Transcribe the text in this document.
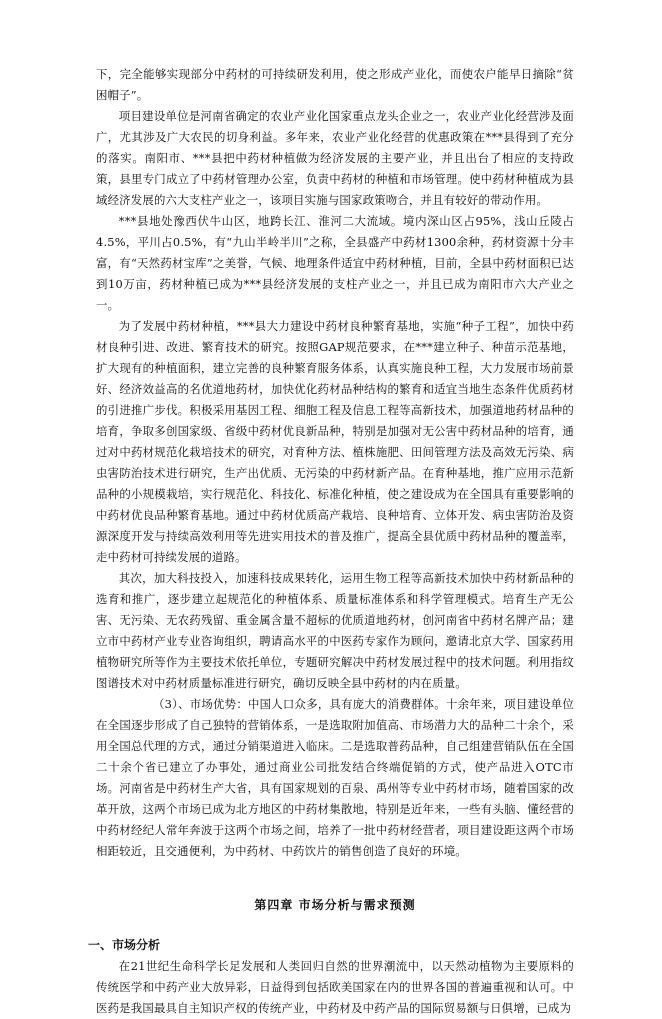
下，完全能够实现部分中药材的可持续研发利用，使之形成产业化，而使农户能早日摘除“贫困帽子”。

项目建设单位是河南省确定的农业产业化国家重点龙头企业之一，农业产业化经营涉及面广，尤其涉及广大农民的切身利益。多年来，农业产业化经营的优惠政策在***县得到了充分的落实。南阳市、***县把中药材种植做为经济发展的主要产业，并且出台了相应的支持政策，县里专门成立了中药材管理办公室，负责中药材的种植和市场管理。使中药材种植成为县域经济发展的六大支柱产业之一，该项目实施与国家政策吻合，并且有较好的带动作用。

***县地处豫西伏牛山区，地跨长江、淮河二大流域。境内深山区占95%，浅山丘陵占4.5%，平川占0.5%，有“九山半岭半川”之称，全县盛产中药材1300余种，药材资源十分丰富，有“天然药材宝库”之美誉，气候、地理条件适宜中药材种植，目前，全县中药材面积已达到10万亩，药材种植已成为***县经济发展的支柱产业之一，并且已成为南阳市六大产业之一。

为了发展中药材种植，***县大力建设中药材良种繁育基地，实施“种子工程”，加快中药材良种引进、改进、繁育技术的研究。按照GAP规范要求，在***建立种子、种苗示范基地，扩大现有的种植面积，建立完善的良种繁育服务体系，认真实施良种工程，大力发展市场前景好、经济效益高的名优道地药材，加快优化药材品种结构的繁育和适宜当地生态条件优质药材的引进推广步伐。积极采用基因工程、细胞工程及信息工程等高新技术，加强道地药材品种的培育，争取多创国家级、省级中药材优良新品种，特别是加强对无公害中药材品种的培育，通过对中药材规范化栽培技术的研究，对育种方法、植株施肥、田间管理方法及高效无污染、病虫害防治技术进行研究，生产出优质、无污染的中药材新产品。在育种基地，推广应用示范新品种的小规模栽培，实行规范化、科技化、标准化种植，使之建设成为在全国具有重要影响的中药材优良品种繁育基地。通过中药材优质高产栽培、良种培育、立体开发、病虫害防治及资源深度开发与持续高效利用等先进实用技术的普及推广，提高全县优质中药材品种的覆盖率，走中药材可持续发展的道路。

其次，加大科技投入，加速科技成果转化，运用生物工程等高新技术加快中药材新品种的选育和推广，逐步建立起规范化的种植体系、质量标准体系和科学管理模式。培育生产无公害、无污染、无农药残留、重金属含量不超标的优质道地药材，创河南省中药材名牌产品；建立市中药材产业专业咨询组织，聘请高水平的中医药专家作为顾问，邀请北京大学、国家药用植物研究所等作为主要技术依托单位，专题研究解决中药材发展过程中的技术问题。利用指纹图谱技术对中药材质量标准进行研究，确切反映全县中药材的内在质量。

（3）、市场优势：中国人口众多，具有庞大的消费群体。十余年来，项目建设单位在全国逐步形成了自己独特的营销体系，一是选取附加值高、市场潜力大的品种二十余个，采用全国总代理的方式，通过分销渠道进入临床。二是选取普药品种，自己组建营销队伍在全国二十余个省已建立了办事处，通过商业公司批发结合终端促销的方式，使产品进入OTC市场。河南省是中药材生产大省，具有国家规划的百泉、禹州等专业中药材市场，随着国家的改革开放，这两个市场已成为北方地区的中药材集散地，特别是近年来，一些有头脑、懂经营的中药材经纪人常年奔波于这两个市场之间，培养了一批中药材经营者，项目建设距这两个市场相距较近，且交通便利，为中药材、中药饮片的销售创造了良好的环境。

第四章 市场分析与需求预测
一、市场分析

在21世纪生命科学长足发展和人类回归自然的世界潮流中，以天然动植物为主要原料的传统医学和中药产业大放异彩，日益得到包括欧美国家在内的世界各国的普遍重视和认可。中医药是我国最具自主知识产权的传统产业，中药材及中药产品的国际贸易额与日俱增，已成为
